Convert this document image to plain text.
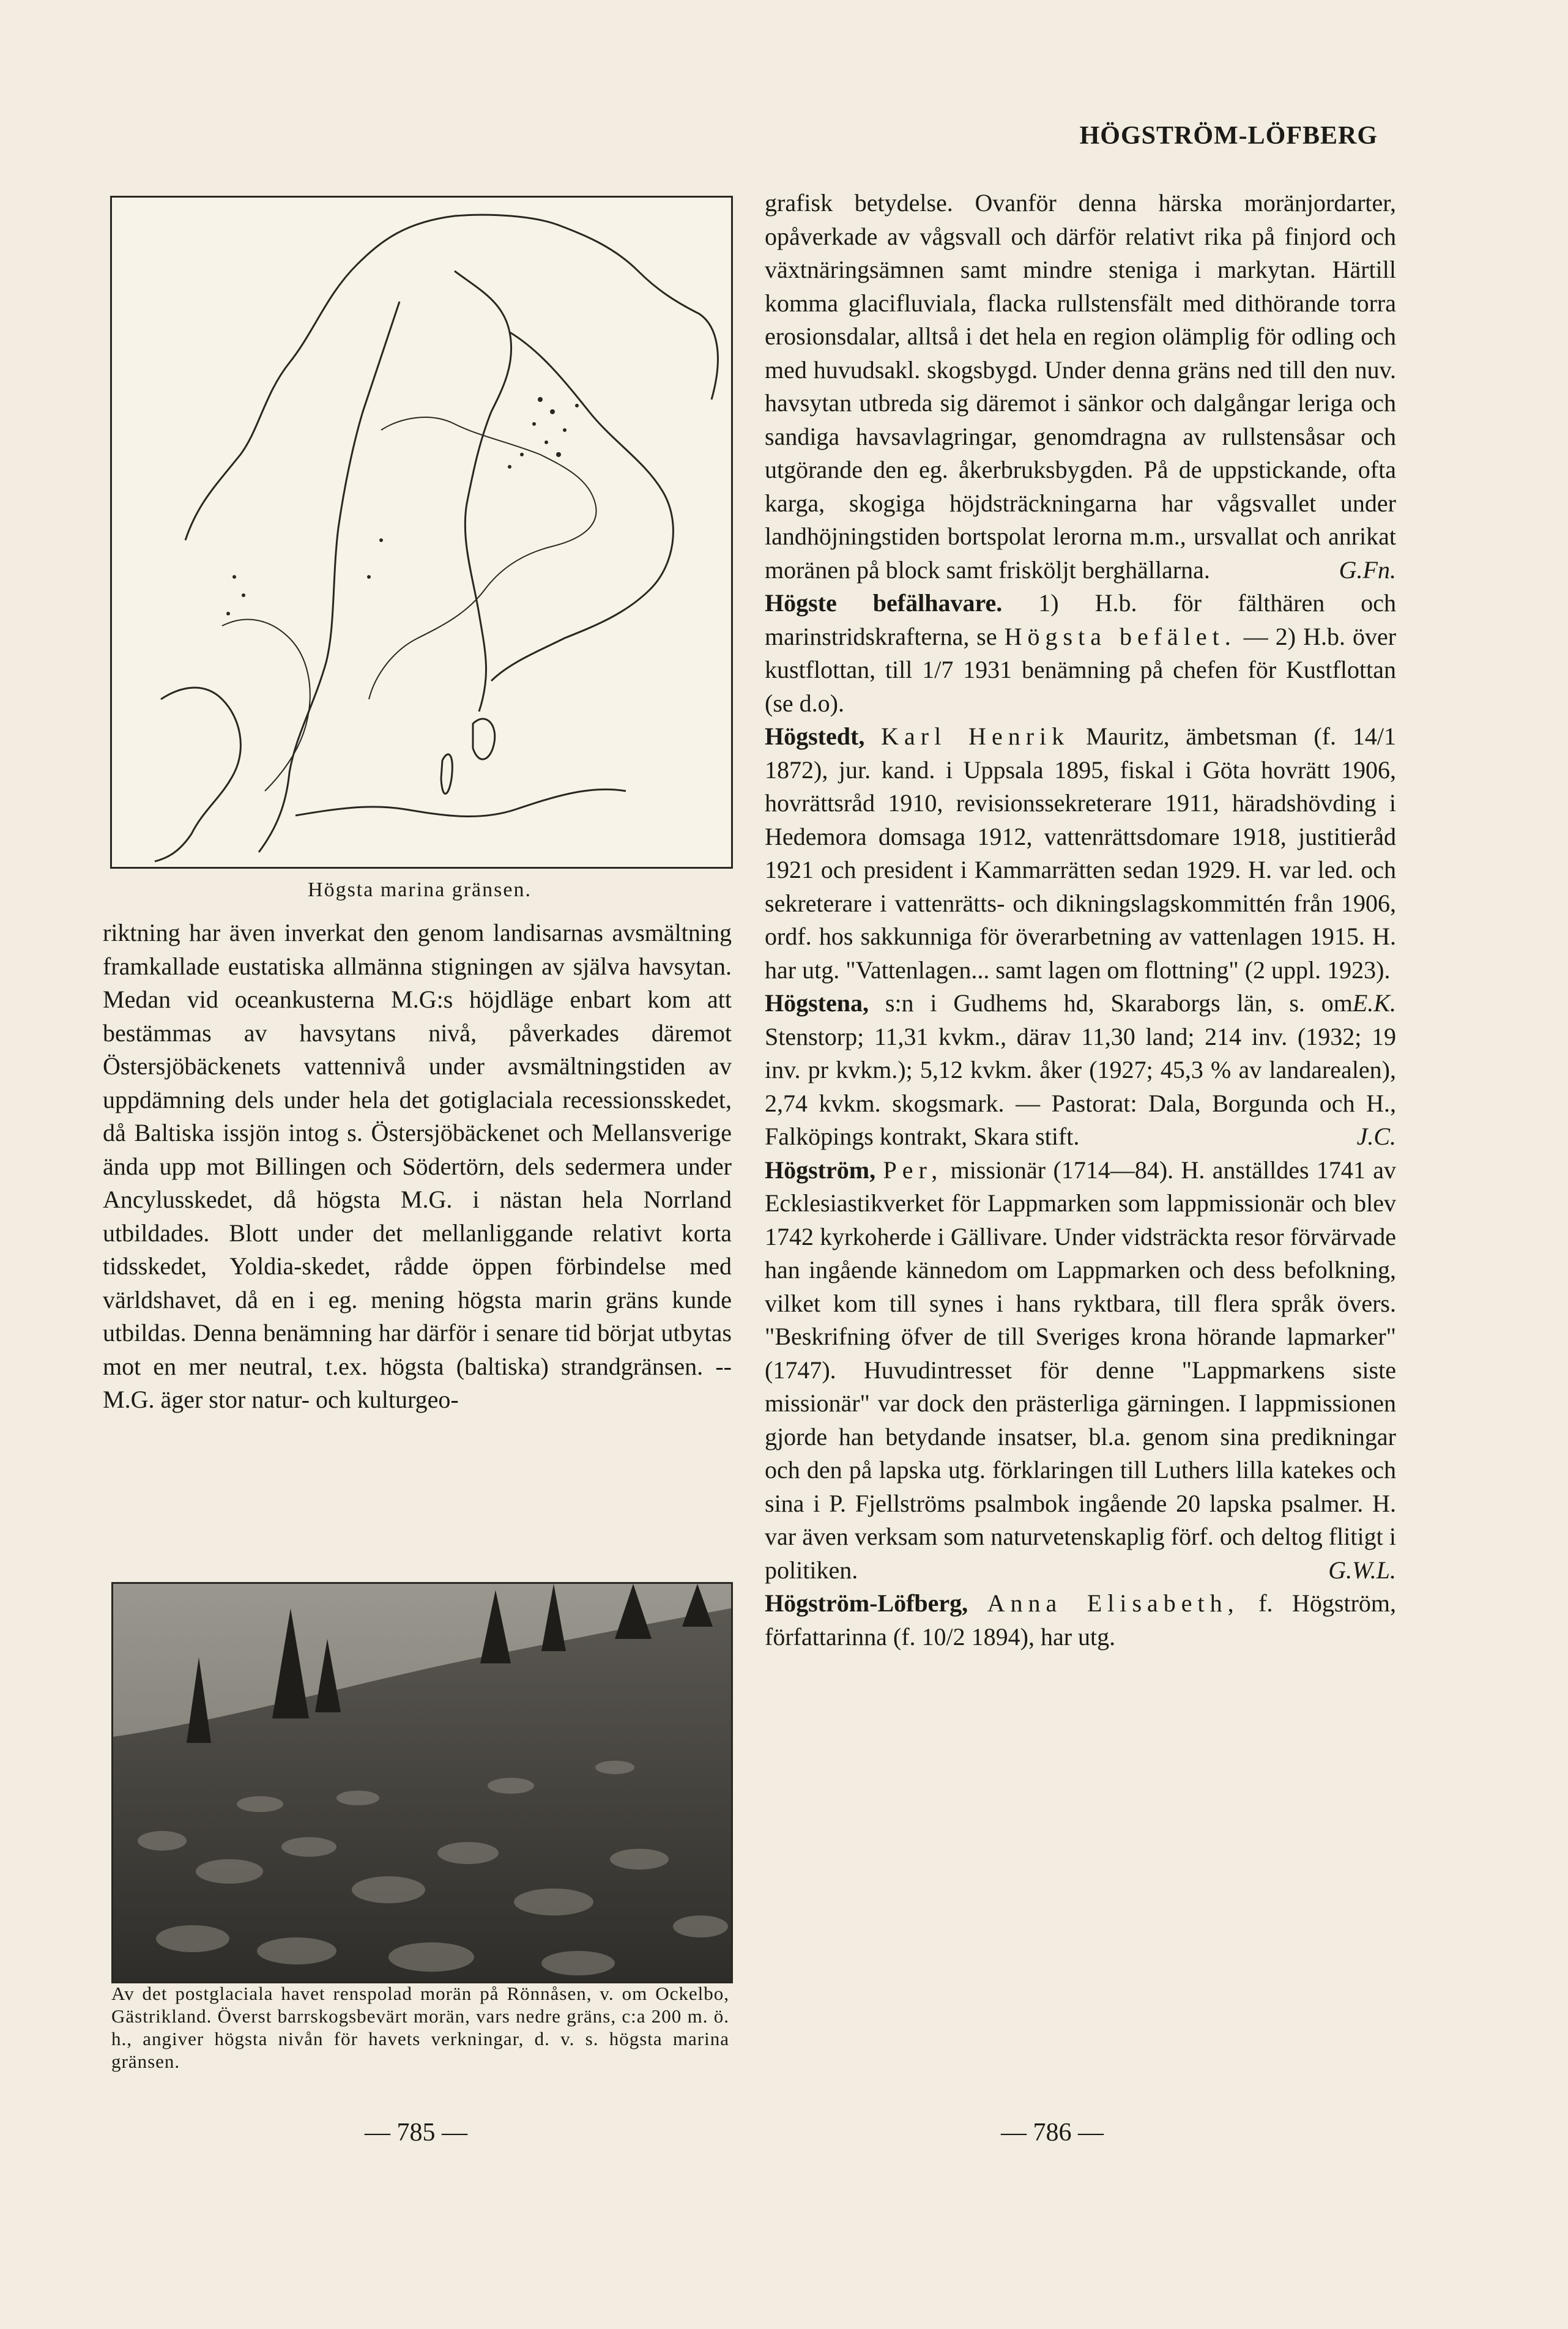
HÖGSTRÖM-LÖFBERG
Högsta marina gränsen.

riktning har även inverkat den genom landisarnas avsmältning framkallade eustatiska allmänna stigningen av själva havsytan. Medan vid oceankusterna M.G:s höjdläge enbart kom att bestämmas av havsytans nivå, påverkades däremot Östersjöbäckenets vattennivå under avsmältningstiden av uppdämning dels under hela det gotiglaciala recessionsskedet, då Baltiska issjön intog s. Östersjöbäckenet och Mellansverige ända upp mot Billingen och Södertörn, dels sedermera under Ancylusskedet, då högsta M.G. i nästan hela Norrland utbildades. Blott under det mellanliggande relativt korta tidsskedet, Yoldia-skedet, rådde öppen förbindelse med världshavet, då en i eg. mening högsta marin gräns kunde utbildas. Denna benämning har därför i senare tid börjat utbytas mot en mer neutral, t.ex. högsta (baltiska) strandgränsen. -- M.G. äger stor natur- och kulturgeo-

Av det postglaciala havet renspolad morän på Rönnåsen, v. om Ockelbo, Gästrikland. Överst barrskogsbevärt morän, vars nedre gräns, c:a 200 m. ö. h., angiver högsta nivån för havets verkningar, d. v. s. högsta marina gränsen.

grafisk betydelse. Ovanför denna härska moränjordarter, opåverkade av vågsvall och därför relativt rika på finjord och växtnäringsämnen samt mindre steniga i markytan. Härtill komma glacifluviala, flacka rullstensfält med dithörande torra erosionsdalar, alltså i det hela en region olämplig för odling och med huvudsakl. skogsbygd. Under denna gräns ned till den nuv. havsytan utbreda sig däremot i sänkor och dalgångar leriga och sandiga havsavlagringar, genomdragna av rullstensåsar och utgörande den eg. åkerbruksbygden. På de uppstickande, ofta karga, skogiga höjdsträckningarna har vågsvallet under landhöjningstiden bortspolat lerorna m.m., ursvallat och anrikat moränen på block samt frisköljt berghällarna.	G.Fn.

Högste befälhavare. 1) H.b. för fälthären och marinstridskrafterna, se Högsta befälet. — 2) H.b. över kustflottan, till 1/7 1931 benämning på chefen för Kustflottan (se d.o).

Högstedt, Karl Henrik Mauritz, ämbetsman (f. 14/1 1872), jur. kand. i Uppsala 1895, fiskal i Göta hovrätt 1906, hovrättsråd 1910, revisionssekreterare 1911, häradshövding i Hedemora domsaga 1912, vattenrättsdomare 1918, justitieråd 1921 och president i Kammarrätten sedan 1929. H. var led. och sekreterare i vattenrätts- och dikningslagskommittén från 1906, ordf. hos sakkunniga för överarbetning av vattenlagen 1915. H. har utg. "Vattenlagen... samt lagen om flottning" (2 uppl. 1923).
E.K.

Högstena, s:n i Gudhems hd, Skaraborgs län, s. om Stenstorp; 11,31 kvkm., därav 11,30 land; 214 inv. (1932; 19 inv. pr kvkm.); 5,12 kvkm. åker (1927; 45,3 % av landarealen), 2,74 kvkm. skogsmark. — Pastorat: Dala, Borgunda och H., Falköpings kontrakt, Skara stift.	J.C.

Högström, Per, missionär (1714—84). H. anställdes 1741 av Ecklesiastikverket för Lappmarken som lappmissionär och blev 1742 kyrkoherde i Gällivare. Under vidsträckta resor förvärvade han ingående kännedom om Lappmarken och dess befolkning, vilket kom till synes i hans ryktbara, till flera språk övers. "Beskrifning öfver de till Sveriges krona hörande lapmarker" (1747). Huvudintresset för denne "Lappmarkens siste missionär" var dock den prästerliga gärningen. I lappmissionen gjorde han betydande insatser, bl.a. genom sina predikningar och den på lapska utg. förklaringen till Luthers lilla katekes och sina i P. Fjellströms psalmbok ingående 20 lapska psalmer. H. var även verksam som naturvetenskaplig förf. och deltog flitigt i politiken.	G.W.L.

Högström-Löfberg, Anna Elisabeth, f. Högström, författarinna (f. 10/2 1894), har utg.

— 785 —	— 786 —
